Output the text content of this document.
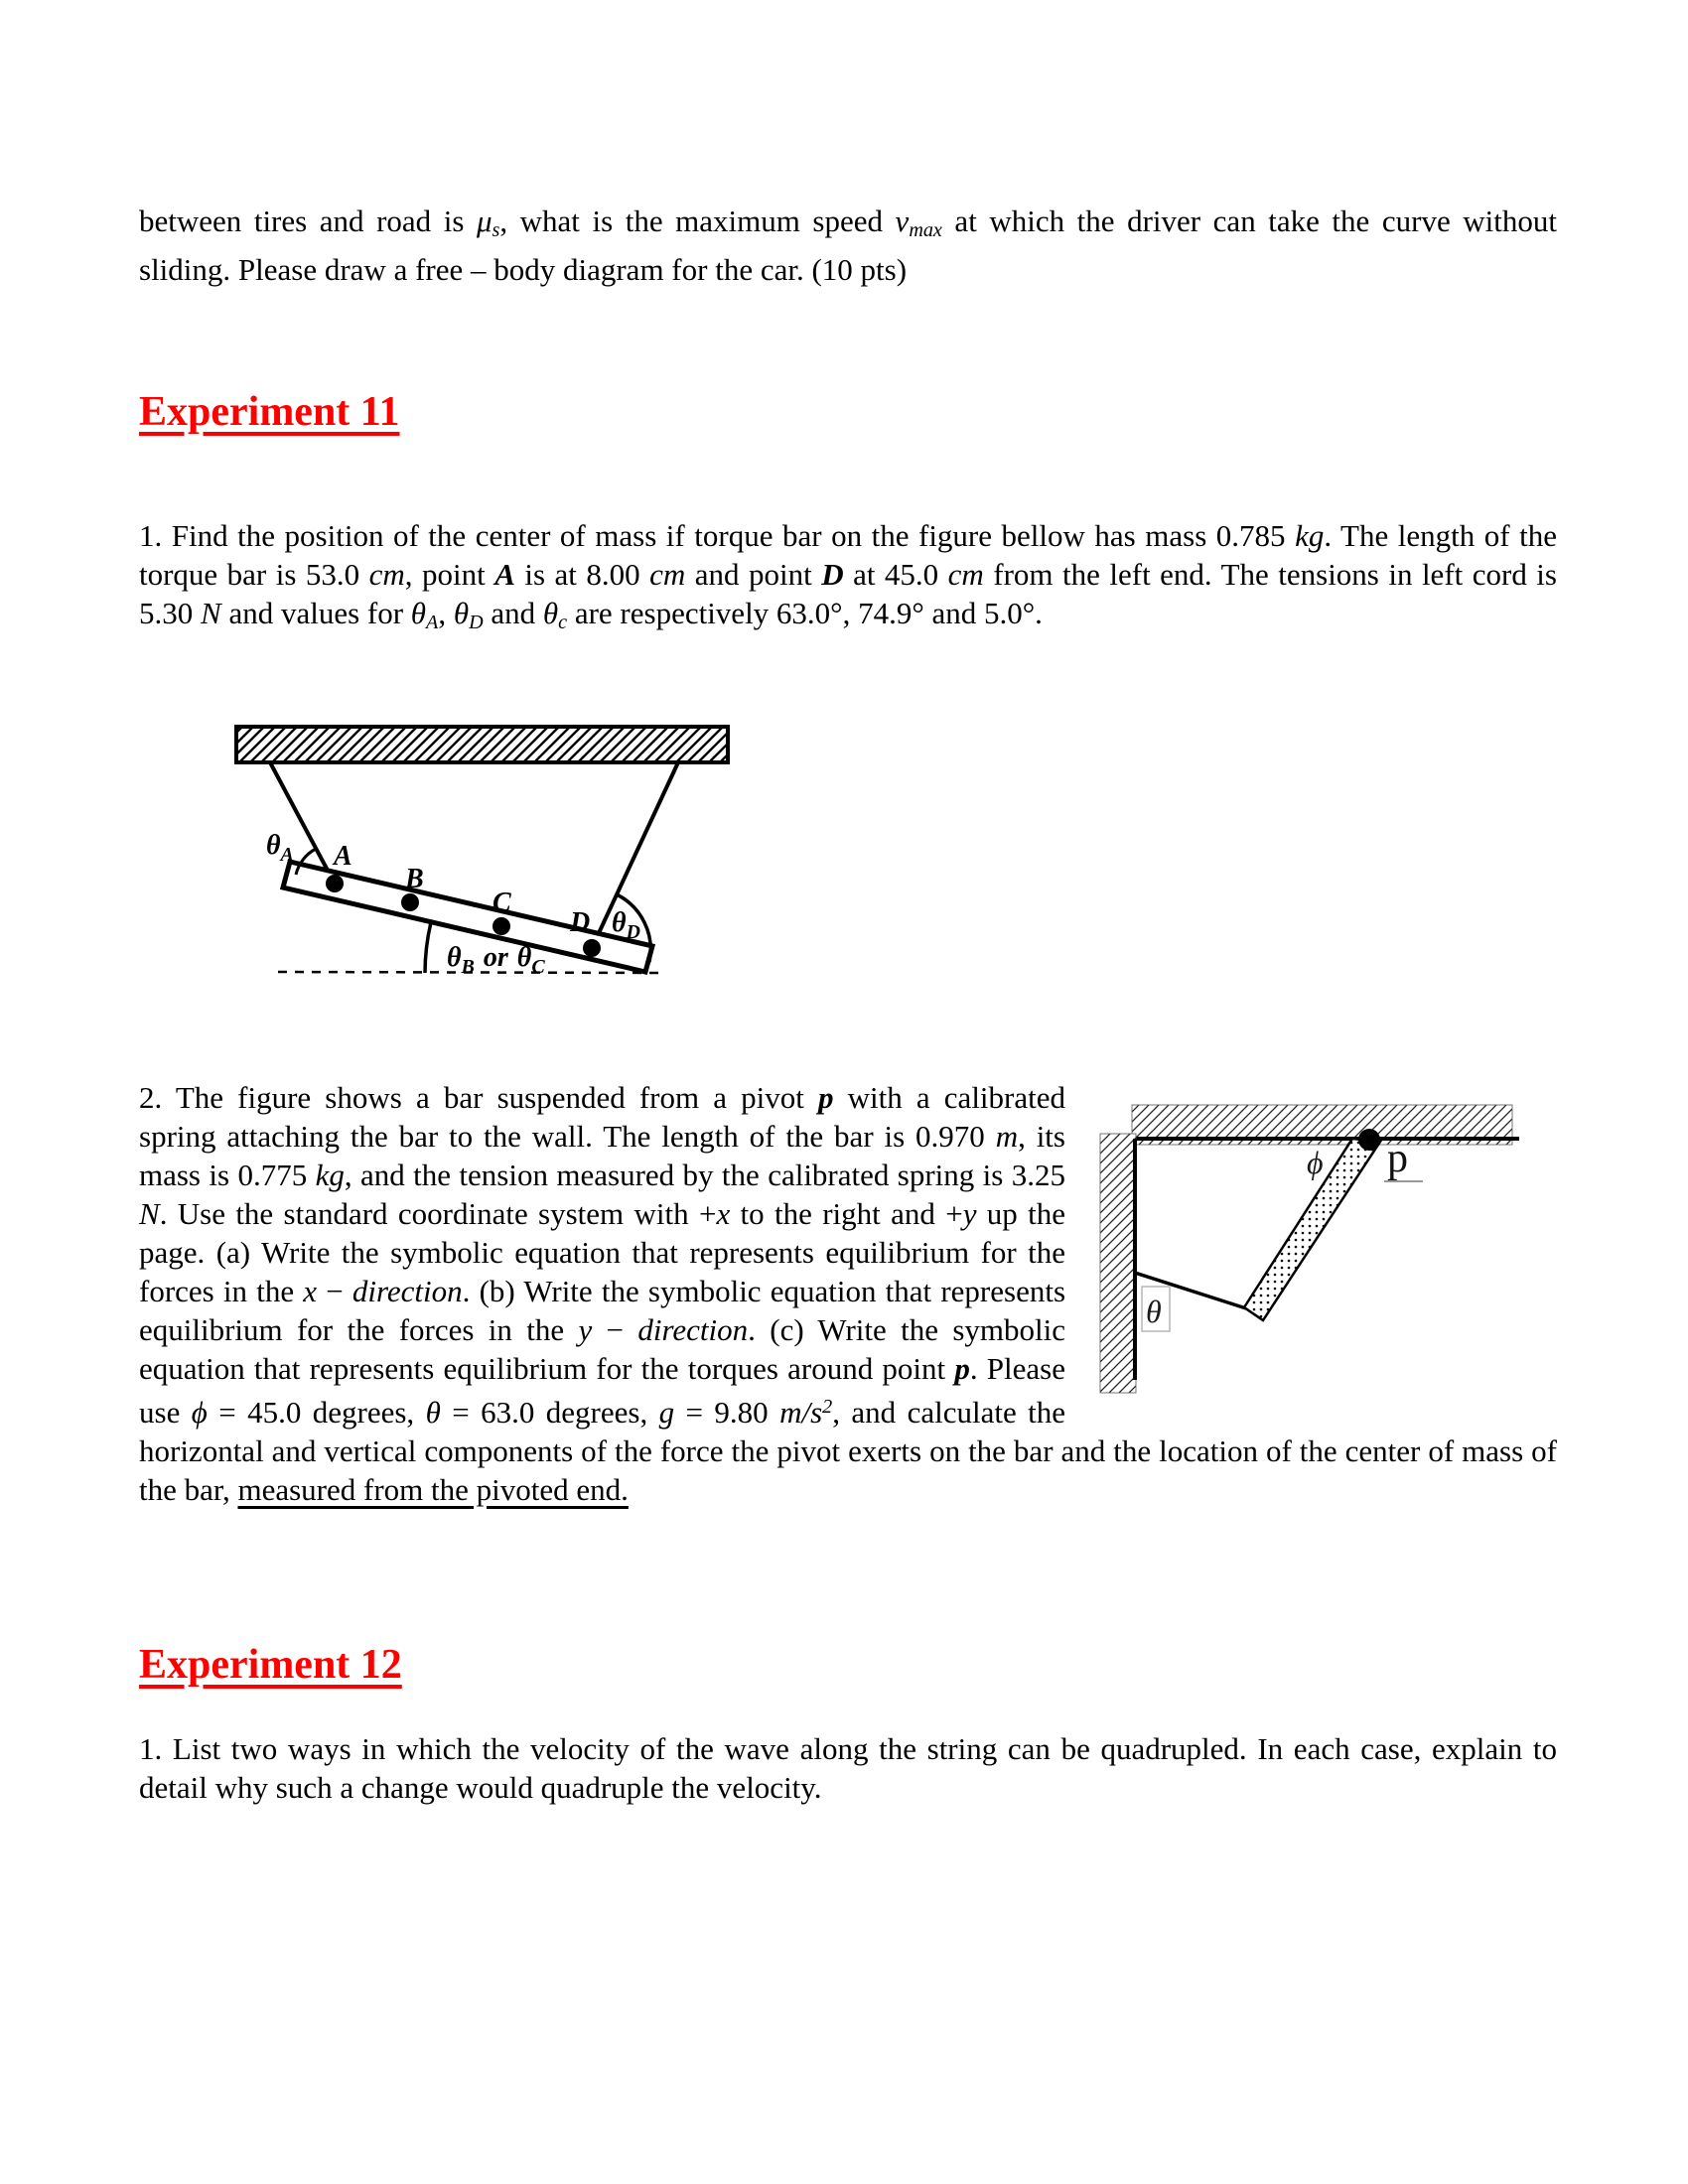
between tires and road is $\mu_s$, what is the maximum speed $v_{max}$ at which the driver can take the curve without sliding. Please draw a free – body diagram for the car. (10 pts)
Experiment 11
1. Find the position of the center of mass if torque bar on the figure bellow has mass 0.785 kg. The length of the torque bar is 53.0 cm, point A is at 8.00 cm and point D at 45.0 cm from the left end. The tensions in left cord is 5.30 N and values for $\theta_A$, $\theta_D$ and $\theta_c$ are respectively 63.0°, 74.9° and 5.0°.
$\theta_A$ A
B
C
D $\theta_D$
$\theta_B$ or $\theta_C$
2. The figure shows a bar suspended from a pivot p with a calibrated spring attaching the bar to the wall. The length of the bar is 0.970 m, its mass is 0.775 kg, and the tension measured by the calibrated spring is 3.25 N. Use the standard coordinate system with +x to the right and +y up the page. (a) Write the symbolic equation that represents equilibrium for the forces in the x − direction. (b) Write the symbolic equation that represents equilibrium for the forces in the y − direction. (c) Write the symbolic equation that represents equilibrium for the torques around point p. Please use ϕ = 45.0 degrees, θ = 63.0 degrees, g = 9.80 $m/s^2$, and calculate the horizontal and vertical components of the force the pivot exerts on the bar and the location of the center of mass of the bar, measured from the pivoted end.
θ
ϕ p
Experiment 12
1. List two ways in which the velocity of the wave along the string can be quadrupled. In each case, explain to detail why such a change would quadruple the velocity.
